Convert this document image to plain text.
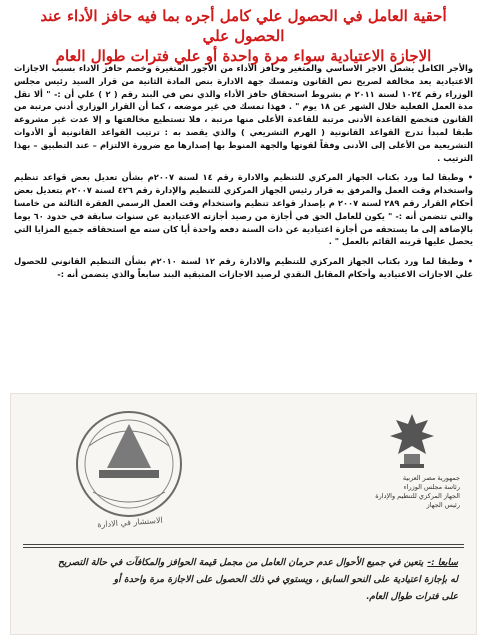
أحقية العامل في الحصول علي كامل أجره بما فيه حافز الأداء عند الحصول علي
الاجازة الاعتيادية سواء مرة واحدة أو علي فترات طوال العام

والأجر الكامل يشمل الاجر الاساسي والمتغير وحافز الأداء من الأجور المتغيرة وخصم حافز الاداء بسبب الاجازات الاعتيادية يعد مخالفة لصريح نص القانون وتمسك جهة الادارة بنص المادة الثانية من قرار السيد رئيس مجلس الوزراء رقم ١٠٢٤ لسنة ٢٠١١ م بشروط استحقاق حافز الأداء والذي نص في البند رقم ( ٢ ) علي أن :- " ألا تقل مدة العمل الفعلية خلال الشهر عن ١٨ يوم " . فهذا تمسك في غير موضعه ، كما أن القرار الوزاري أدني مرتبة من القانون فتخضع القاعدة الأدنى مرتبة للقاعدة الأعلى منها مرتبة ، فلا تستطيع مخالفتها و إلا عدت غير مشروعة طبقا لمبدأ تدرج القواعد القانونية ( الهرم التشريعي ) والذي يقصد به : ترتيب القواعد القانونية أو الأدوات التشريعية من الأعلى إلى الأدنى وفقاً لقوتها والجهة المنوط بها إصدارها مع ضرورة الالتزام – عند التطبيق – بهذا الترتيب .

•وطبقا لما ورد بكتاب الجهاز المركزي للتنظيم والادارة رقم ١٤ لسنة ٢٠٠٧م بشأن تعديل بعض قواعد تنظيم واستخدام وقت العمل والمرفق به قرار رئيس الجهاز المركزي للتنظيم والإدارة رقم ٤٢٦ لسنة ٢٠٠٧م بتعديل بعض أحكام القرار رقم ٢٨٩ لسنة ٢٠٠٧ م بإصدار قواعد تنظيم واستخدام وقت العمل الرسمي الفقرة الثالثة من خامسا والتي تتضمن أنه :- " يكون للعامل الحق في أجازة من رصيد أجازته الاعتيادية عن سنوات سابقة في حدود ٦٠ يوما بالإضافة إلى ما يستحقه من أجازة اعتيادية عن ذات السنة دفعه واحدة أيا كان سنه مع استحقاقه جميع المزايا التي يحصل عليها قرينه القائم بالعمل " .

•وطبقا لما ورد بكتاب الجهاز المركزي للتنظيم والادارة رقم ١٢ لسنة ٢٠١٠م بشأن التنظيم القانوني للحصول علي الاجازات الاعتيادية وأحكام المقابل النقدي لرصيد الاجازات المتبقية البند سابعاً والذي يتضمن أنه :-

الاستشار في الادارة
جمهورية مصر العربية
رئاسة مجلس الوزراء
الجهاز المركزي للتنظيم والإدارة
رئيس الجهاز
سابعا :-يتعين في جميع الأحوال عدم حرمان العامل من مجمل قيمة الحوافز والمكافآت في حالة التصريح
له بإجازة اعتيادية على النحو السابق ، ويستوي في ذلك الحصول على الاجازة مرة واحدة أو
على فترات طوال العام.
